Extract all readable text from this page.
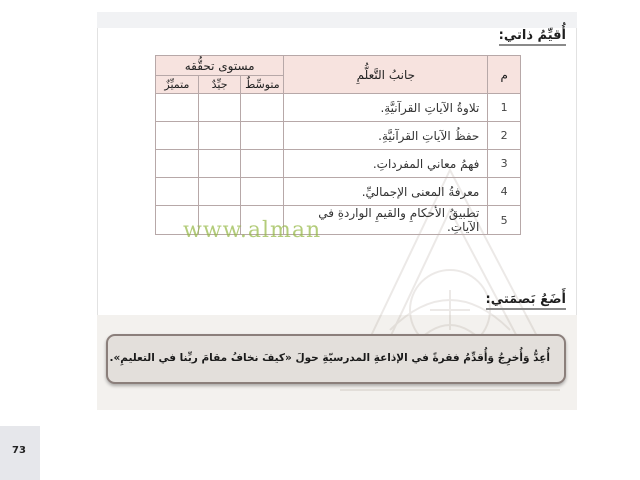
أُقيِّمُ ذاتي:
م	جانبُ التَّعلُّمِ	مستوى تحقُّقه		
		متوسِّطٌ	جيِّدٌ	متميِّزٌ
1	تلاوةُ الآياتِ القرآنيَّةِ.			
2	حفظُ الآياتِ القرآنيَّةِ.			
3	فهمُ معاني المفرداتِ.			
4	معرفةُ المعنى الإجماليِّ.			
5	تطبيقُ الأحكامِ والقيمِ الواردةِ في الآياتِ.			
www.alman
أَضَعُ بَصمَتي:
أُعِدُّ وَأُخرِجُ وَأُقدِّمُ فقرةً في الإذاعةِ المدرسيّةِ حولَ «كيفَ نخافُ مقامَ ربِّنا في التعليمِ».
73
